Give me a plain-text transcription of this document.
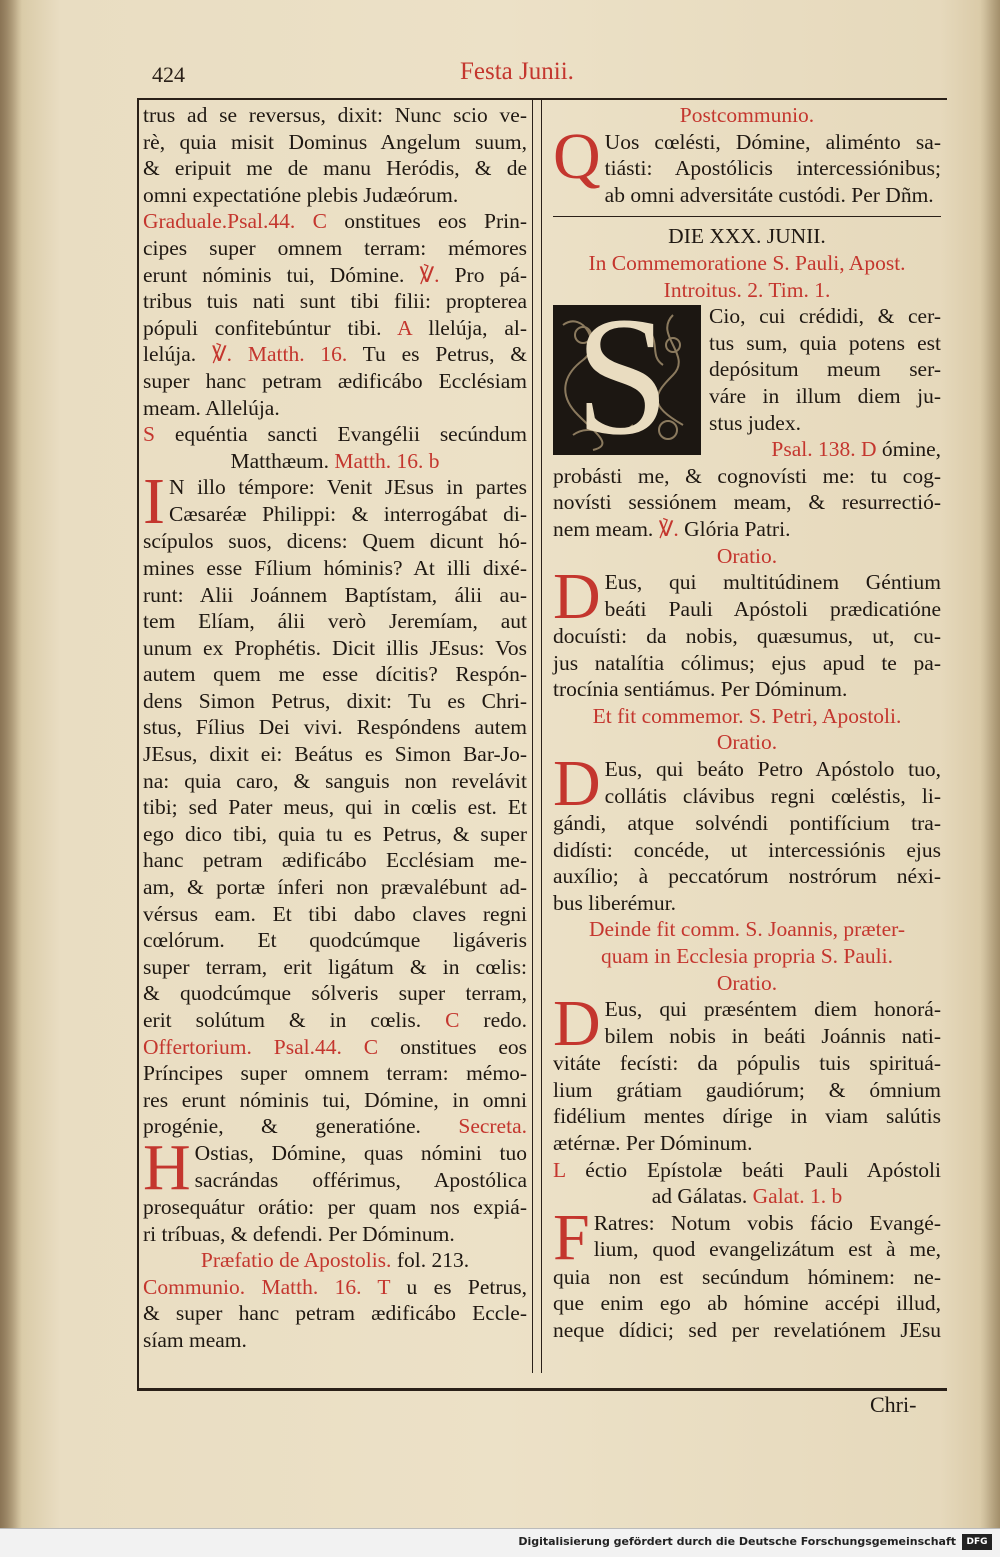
424	Festa Junii.
trus ad se reversus, dixit: Nunc scio ve-
rè, quia misit Dominus Angelum suum,
& eripuit me de manu Heródis, & de
omni expectatióne plebis Judæórum.
Graduale.Psal.44. C onstitues eos Prin-
cipes super omnem terram: mémores
erunt nóminis tui, Dómine. ℣. Pro pá-
tribus tuis nati sunt tibi filii: propterea
pópuli confitebúntur tibi. A llelúja, al-
lelúja. ℣. Matth. 16. Tu es Petrus, &
super hanc petram ædificábo Ecclésiam
meam. Allelúja.
S equéntia sancti Evangélii secúndum
Matthæum. Matth. 16. b
I N illo témpore: Venit JEsus in partes
Cæsaréæ Philippi: & interrogábat di-
scípulos suos, dicens: Quem dicunt hó-
mines esse Fílium hóminis? At illi dixé-
runt: Alii Joánnem Baptístam, álii au-
tem Elíam, álii verò Jeremíam, aut
unum ex Prophétis. Dicit illis JEsus: Vos
autem quem me esse dícitis? Respón-
dens Simon Petrus, dixit: Tu es Chri-
stus, Fílius Dei vivi. Respóndens autem
JEsus, dixit ei: Beátus es Simon Bar-Jo-
na: quia caro, & sanguis non revelávit
tibi; sed Pater meus, qui in cœlis est. Et
ego dico tibi, quia tu es Petrus, & super
hanc petram ædificábo Ecclésiam me-
am, & portæ ínferi non prævalébunt ad-
vérsus eam. Et tibi dabo claves regni
cœlórum. Et quodcúmque ligáveris
super terram, erit ligátum & in cœlis:
& quodcúmque sólveris super terram,
erit solútum & in cœlis. C redo.
Offertorium. Psal.44. C onstitues eos
Príncipes super omnem terram: mémo-
res erunt nóminis tui, Dómine, in omni
progénie, & generatióne. Secreta.
H Ostias, Dómine, quas nómini tuo
sacrándas offérimus, Apostólica
prosequátur orátio: per quam nos expiá-
ri tríbuas, & defendi. Per Dóminum.
Præfatio de Apostolis. fol. 213.
Communio. Matth. 16. T u es Petrus,
& super hanc petram ædificábo Eccle-
síam meam.
Postcommunio.
Q Uos cœlésti, Dómine, aliménto sa-
tiásti: Apostólicis intercessiónibus;
ab omni adversitáte custódi. Per Dñm.
DIE XXX. JUNII.
In Commemoratione S. Pauli, Apost.
Introitus. 2. Tim. 1.
S	Cio, cui crédidi, & cer-
tus sum, quia potens est
depósitum meum ser-
váre in illum diem ju-
stus judex.
Psal. 138. D ómine,
probásti me, & cognovísti me: tu cog-
novísti sessiónem meam, & resurrectió-
nem meam. ℣. Glória Patri.
Oratio.
D Eus, qui multitúdinem Géntium
beáti Pauli Apóstoli prædicatióne
docuísti: da nobis, quæsumus, ut, cu-
jus natalítia cólimus; ejus apud te pa-
trocínia sentiámus. Per Dóminum.
Et fit commemor. S. Petri, Apostoli.
Oratio.
D Eus, qui beáto Petro Apóstolo tuo,
collátis clávibus regni cœléstis, li-
gándi, atque solvéndi pontifícium tra-
didísti: concéde, ut intercessiónis ejus
auxílio; à peccatórum nostrórum néxi-
bus liberémur.
Deinde fit comm. S. Joannis, præter-
quam in Ecclesia propria S. Pauli.
Oratio.
D Eus, qui præséntem diem honorá-
bilem nobis in beáti Joánnis nati-
vitáte fecísti: da pópulis tuis spirituá-
lium grátiam gaudiórum; & ómnium
fidélium mentes dírige in viam salútis
ætérnæ. Per Dóminum.
L éctio Epístolæ beáti Pauli Apóstoli
ad Gálatas. Galat. 1. b
F Ratres: Notum vobis fácio Evangé-
lium, quod evangelizátum est à me,
quia non est secúndum hóminem: ne-
que enim ego ab hómine accépi illud,
neque dídici; sed per revelatiónem JEsu
Chri-
Digitalisierung gefördert durch die Deutsche Forschungsgemeinschaft	DFG
